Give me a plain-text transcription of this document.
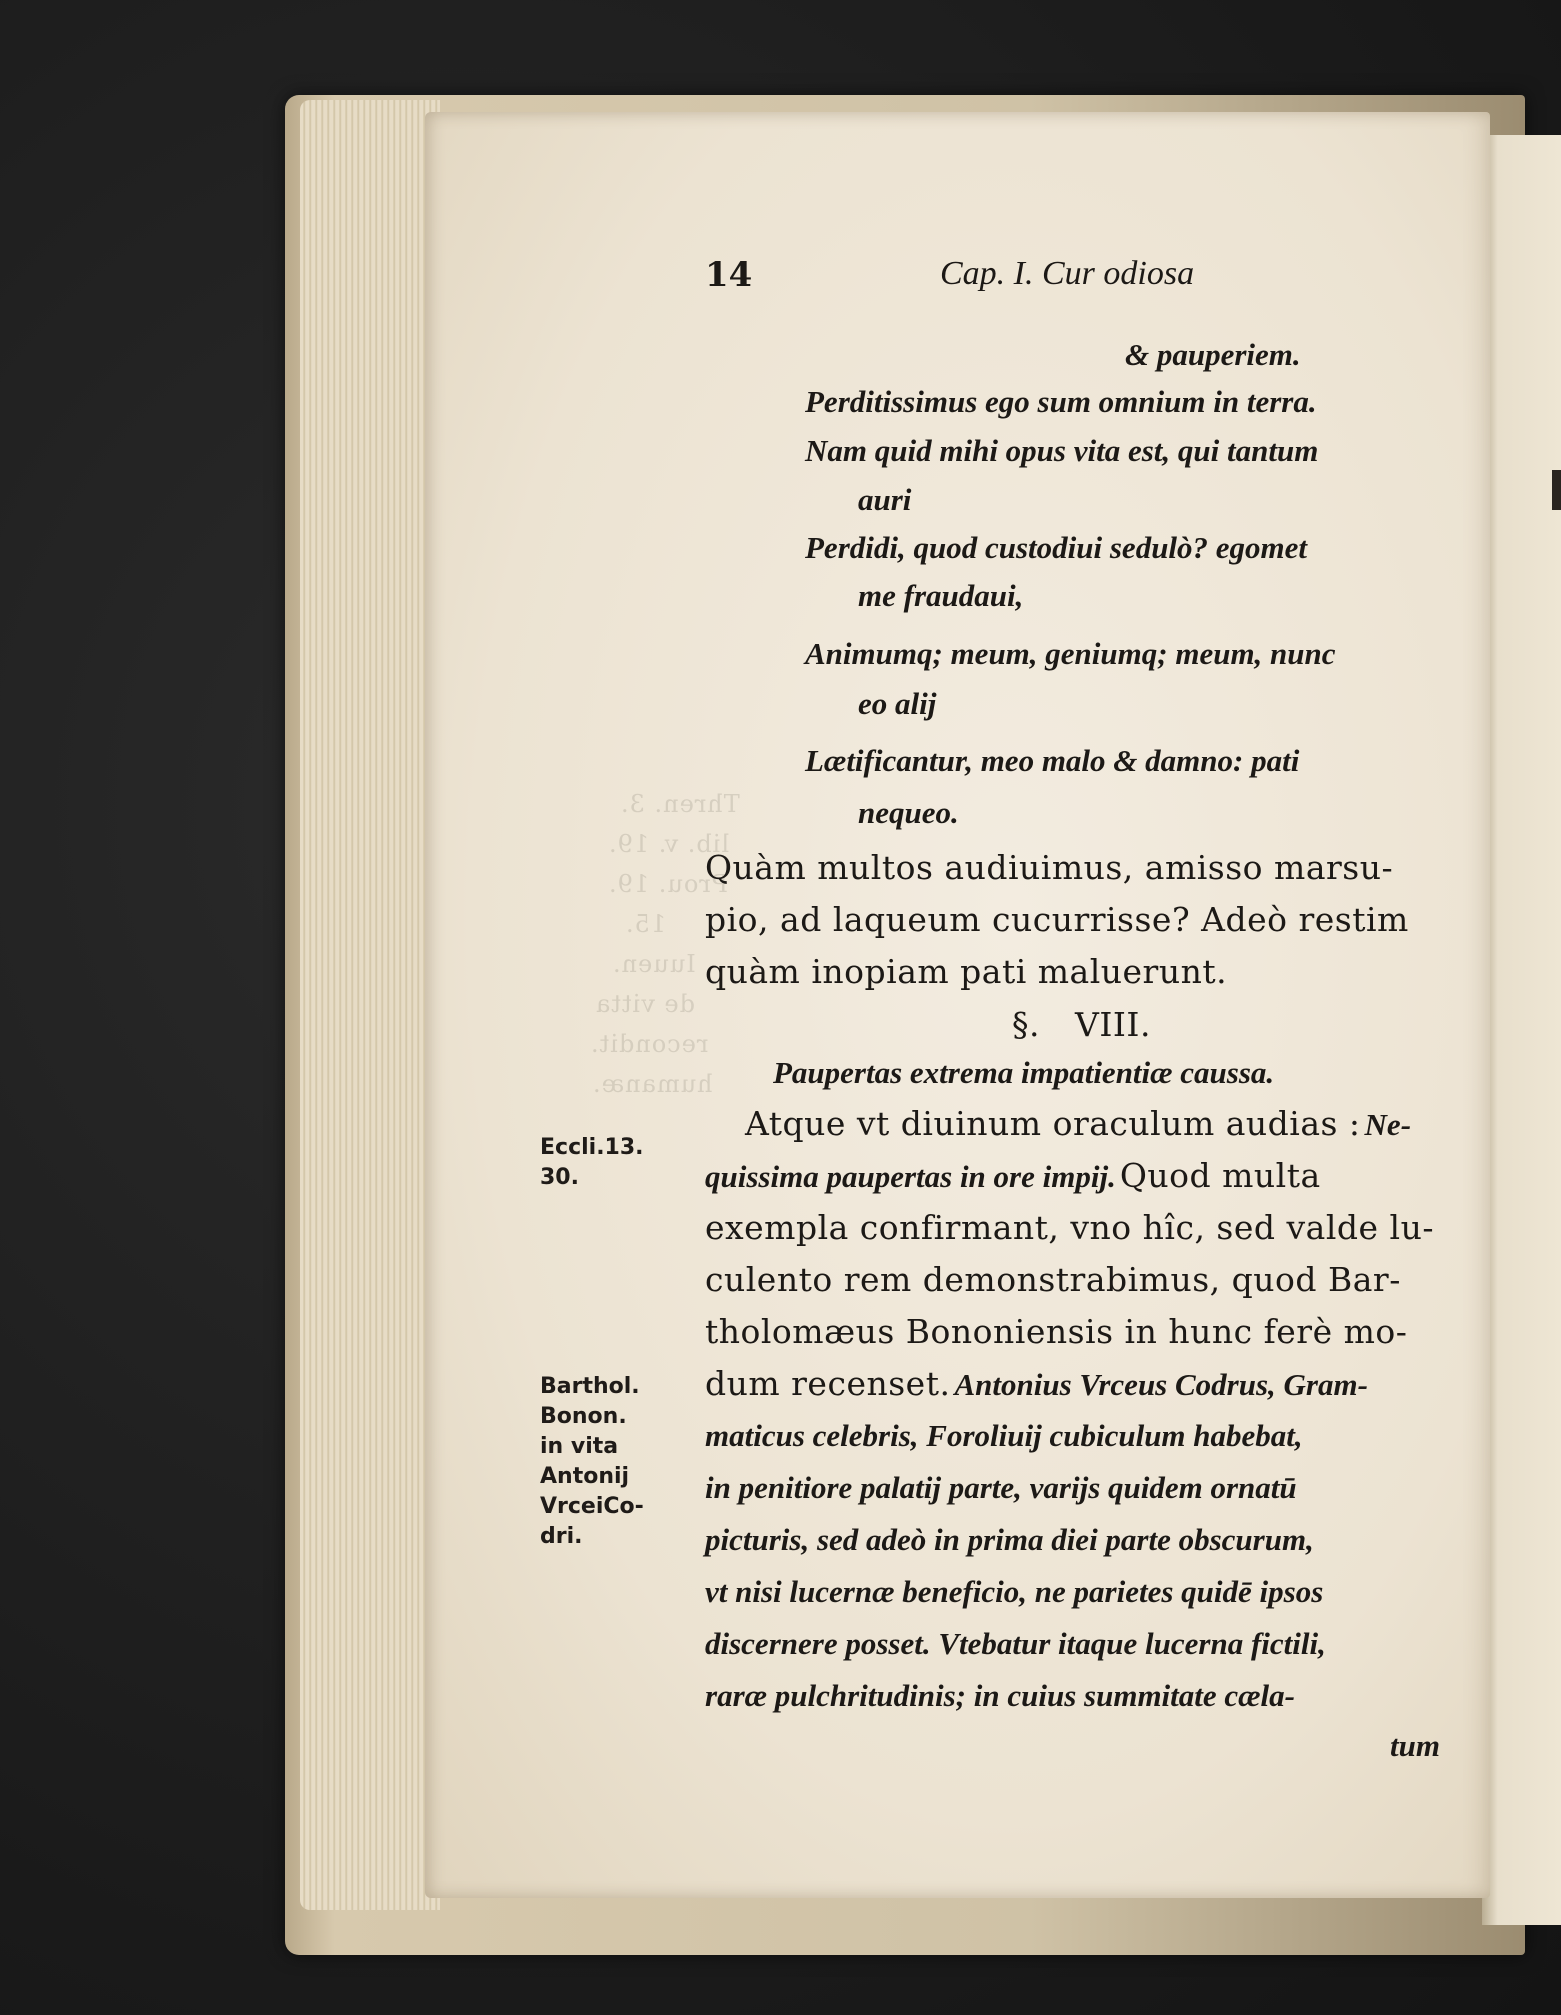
Thren. 3.
lib. v. 19.
Prou. 19.
15.
Iuuen.
de vitta
recondit.
humanæ.
14	Cap. I. Cur odiosa
& pauperiem.
Perditissimus ego sum omnium in terra.
Nam quid mihi opus vita est, qui tantum
auri
Perdidi, quod custodiui sedulò? egomet
me fraudaui,
Animumq; meum, geniumq; meum, nunc
eo alij
Lætificantur, meo malo & damno: pati
nequeo.
Quàm multos audiuimus, amisso marsu-
pio, ad laqueum cucurrisse? Adeò restim
quàm inopiam pati maluerunt.
§. VIII.
Paupertas extrema impatientiæ caussa.
Atque vt diuinum oraculum audias : Ne-
quissima paupertas in ore impij. Quod multa
exempla confirmant, vno hîc, sed valde lu-
culento rem demonstrabimus, quod Bar-
tholomæus Bononiensis in hunc ferè mo-
dum recenset. Antonius Vrceus Codrus, Gram-
maticus celebris, Foroliuij cubiculum habebat,
in penitiore palatij parte, varijs quidem ornatū
picturis, sed adeò in prima diei parte obscurum,
vt nisi lucernæ beneficio, ne parietes quidē ipsos
discernere posset. Vtebatur itaque lucerna fictili,
raræ pulchritudinis; in cuius summitate cæla-
tum
Eccli.13.
30.
Barthol.
Bonon.
in vita
Antonij
VrceiCo-
dri.
